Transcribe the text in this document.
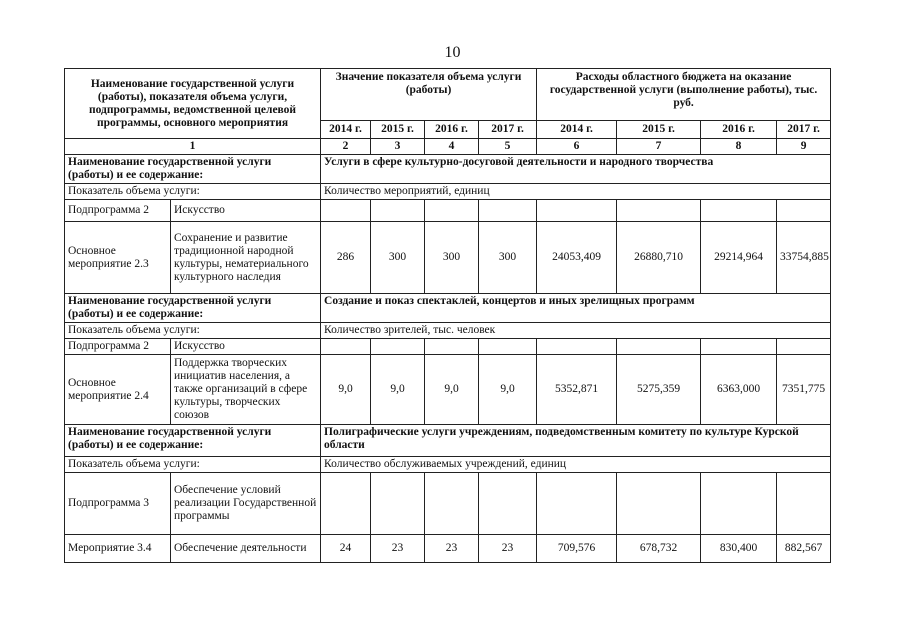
10
Наименование государственной услуги (работы), показателя объема услуги, подпрограммы, ведомственной целевой программы, основного мероприятия		Значение показателя объема услуги (работы)				Расходы областного бюджета на оказание государственной услуги (выполнение работы), тыс. руб.			
		2014 г.	2015 г.	2016 г.	2017 г.	2014 г.	2015 г.	2016 г.	2017 г.
1		2	3	4	5	6	7	8	9
Наименование государственной услуги (работы) и ее содержание:		Услуги в сфере культурно-досуговой деятельности и народного творчества							
Показатель объема услуги:		Количество мероприятий, единиц							
Подпрограмма 2	Искусство								
Основное мероприятие 2.3	Сохранение и развитие традиционной народной культуры, нематериального культурного наследия	286	300	300	300	24053,409	26880,710	29214,964	33754,885
Наименование государственной услуги (работы) и ее содержание:		Создание и показ спектаклей, концертов и иных зрелищных программ							
Показатель объема услуги:		Количество зрителей, тыс. человек							
Подпрограмма 2	Искусство								
Основное мероприятие 2.4	Поддержка творческих инициатив населения, а также организаций в сфере культуры, творческих союзов	9,0	9,0	9,0	9,0	5352,871	5275,359	6363,000	7351,775
Наименование государственной услуги (работы) и ее содержание:		Полиграфические услуги учреждениям, подведомственным комитету по культуре Курской области							
Показатель объема услуги:		Количество обслуживаемых учреждений, единиц							
Подпрограмма 3	Обеспечение условий реализации Государственной программы								
Мероприятие 3.4	Обеспечение деятельности	24	23	23	23	709,576	678,732	830,400	882,567
